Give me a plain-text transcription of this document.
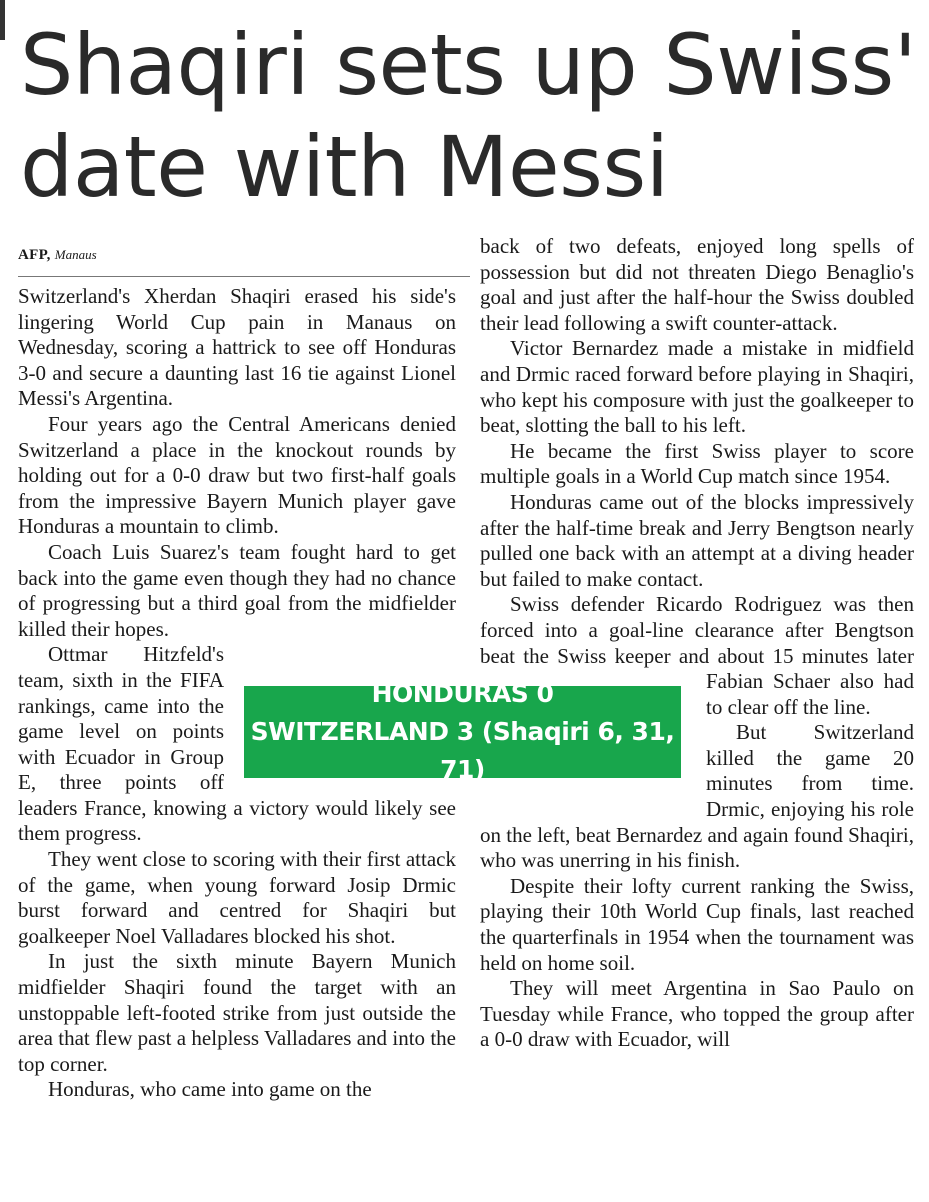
Shaqiri sets up Swiss' date with Messi
AFP, Manaus

Switzerland's Xherdan Shaqiri erased his side's lingering World Cup pain in Manaus on Wednesday, scoring a hattrick to see off Honduras 3-0 and secure a daunting last 16 tie against Lionel Messi's Argentina.

Four years ago the Central Americans denied Switzerland a place in the knockout rounds by holding out for a 0-0 draw but two first-half goals from the impressive Bayern Munich player gave Honduras a mountain to climb.

Coach Luis Suarez's team fought hard to get back into the game even though they had no chance of progressing but a third goal from the midfielder killed their hopes.

Ottmar Hitzfeld's team, sixth in the FIFA rankings, came into the game level on points with Ecuador in Group E, three points off leaders France, knowing a victory would likely see them progress.

They went close to scoring with their first attack of the game, when young forward Josip Drmic burst forward and centred for Shaqiri but goalkeeper Noel Valladares blocked his shot.

In just the sixth minute Bayern Munich midfielder Shaqiri found the target with an unstoppable left-footed strike from just outside the area that flew past a helpless Valladares and into the top corner.

Honduras, who came into game on the

back of two defeats, enjoyed long spells of possession but did not threaten Diego Benaglio's goal and just after the half-hour the Swiss doubled their lead following a swift counter-attack.

Victor Bernardez made a mistake in midfield and Drmic raced forward before playing in Shaqiri, who kept his composure with just the goalkeeper to beat, slotting the ball to his left.

He became the first Swiss player to score multiple goals in a World Cup match since 1954.

Honduras came out of the blocks impressively after the half-time break and Jerry Bengtson nearly pulled one back with an attempt at a diving header but failed to make contact.

Swiss defender Ricardo Rodriguez was then forced into a goal-line clearance after Bengtson beat the Swiss keeper and about 15 minutes later Fabian Schaer also had to clear off the line.

But Switzerland killed the game 20 minutes from time. Drmic, enjoying his role on the left, beat Bernardez and again found Shaqiri, who was unerring in his finish.

Despite their lofty current ranking the Swiss, playing their 10th World Cup finals, last reached the quarterfinals in 1954 when the tournament was held on home soil.

They will meet Argentina in Sao Paulo on Tuesday while France, who topped the group after a 0-0 draw with Ecuador, will

HONDURAS 0
SWITZERLAND 3 (Shaqiri 6, 31, 71)
